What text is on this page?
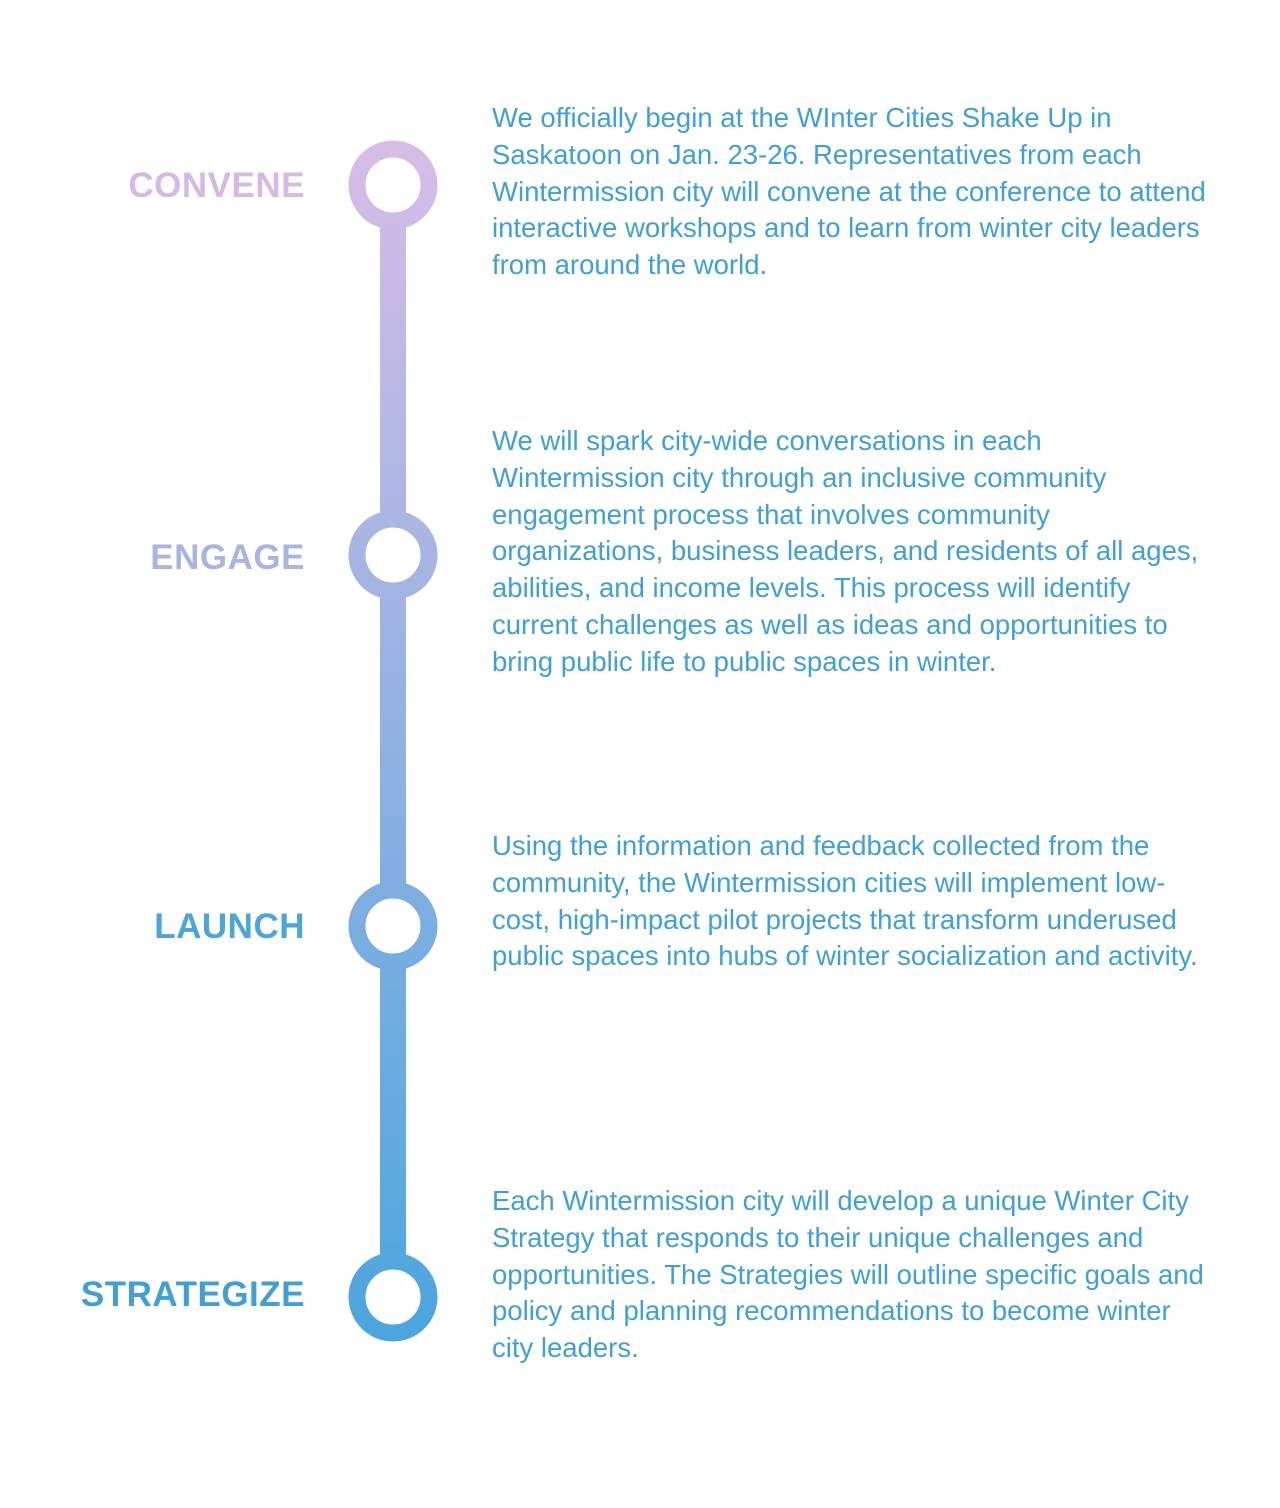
CONVENE
We officially begin at the WInter Cities Shake Up in Saskatoon on Jan. 23-26. Representatives from each Wintermission city will convene at the conference to attend interactive workshops and to learn from winter city leaders from around the world.
ENGAGE
We will spark city-wide conversations in each Wintermission city through an inclusive community engagement process that involves community organizations, business leaders, and residents of all ages, abilities, and income levels. This process will identify current challenges as well as ideas and opportunities to bring public life to public spaces in winter.
LAUNCH
Using the information and feedback collected from the community, the Wintermission cities will implement low-cost, high-impact pilot projects that transform underused public spaces into hubs of winter socialization and activity.
STRATEGIZE
Each Wintermission city will develop a unique Winter City Strategy that responds to their unique challenges and opportunities. The Strategies will outline specific goals and policy and planning recommendations to become winter city leaders.
